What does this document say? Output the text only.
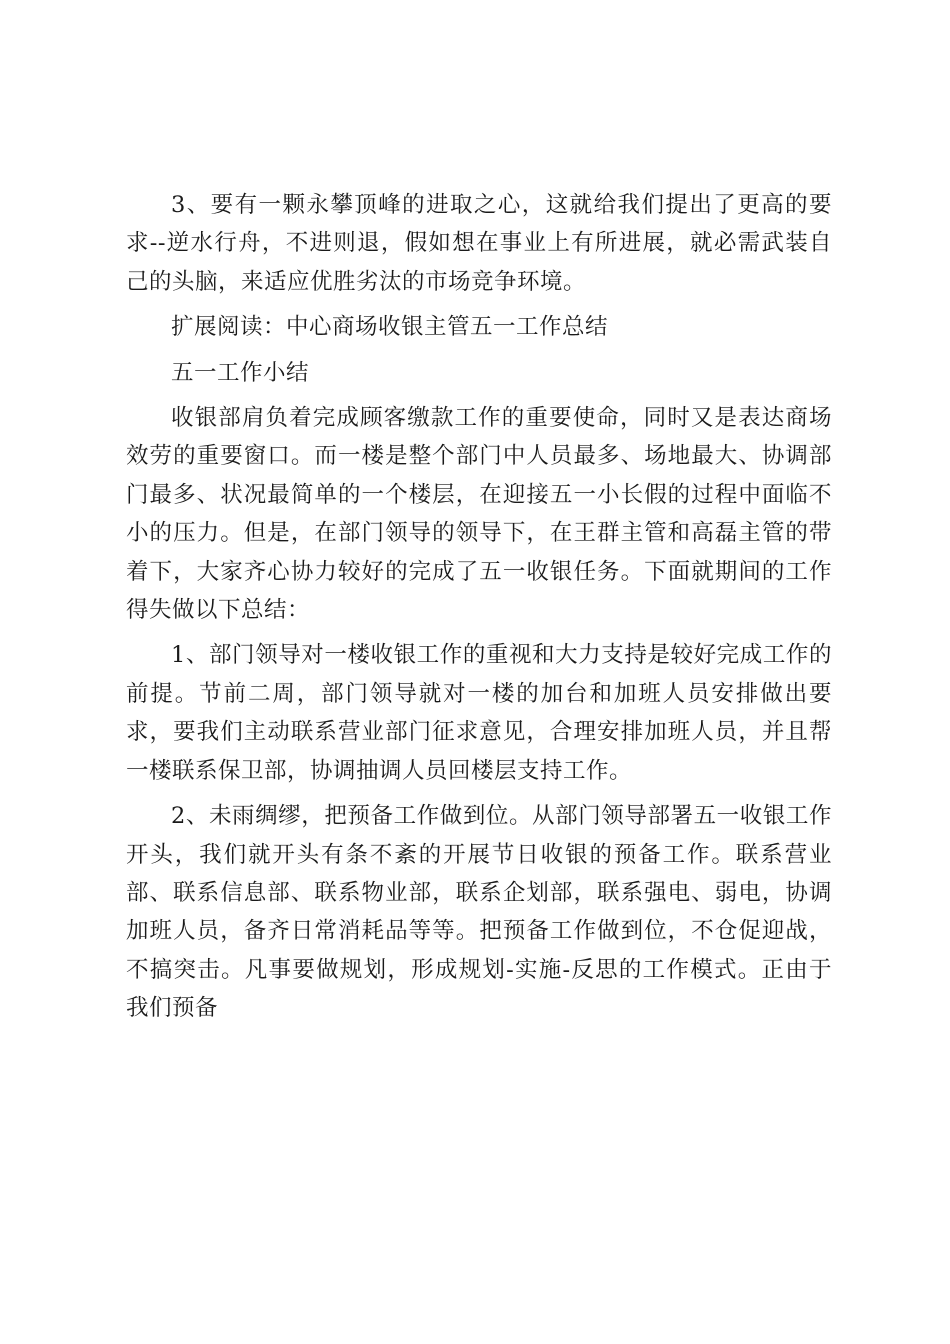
3、要有一颗永攀顶峰的进取之心，这就给我们提出了更高的要求--逆水行舟，不进则退，假如想在事业上有所进展，就必需武装自己的头脑，来适应优胜劣汰的市场竞争环境。

扩展阅读：中心商场收银主管五一工作总结

五一工作小结

收银部肩负着完成顾客缴款工作的重要使命，同时又是表达商场效劳的重要窗口。而一楼是整个部门中人员最多、场地最大、协调部门最多、状况最简单的一个楼层，在迎接五一小长假的过程中面临不小的压力。但是，在部门领导的领导下，在王群主管和高磊主管的带着下，大家齐心协力较好的完成了五一收银任务。下面就期间的工作得失做以下总结：

1、部门领导对一楼收银工作的重视和大力支持是较好完成工作的前提。节前二周，部门领导就对一楼的加台和加班人员安排做出要求，要我们主动联系营业部门征求意见，合理安排加班人员，并且帮一楼联系保卫部，协调抽调人员回楼层支持工作。

2、未雨绸缪，把预备工作做到位。从部门领导部署五一收银工作开头，我们就开头有条不紊的开展节日收银的预备工作。联系营业部、联系信息部、联系物业部，联系企划部，联系强电、弱电，协调加班人员，备齐日常消耗品等等。把预备工作做到位，不仓促迎战，不搞突击。凡事要做规划，形成规划-实施-反思的工作模式。正由于我们预备
